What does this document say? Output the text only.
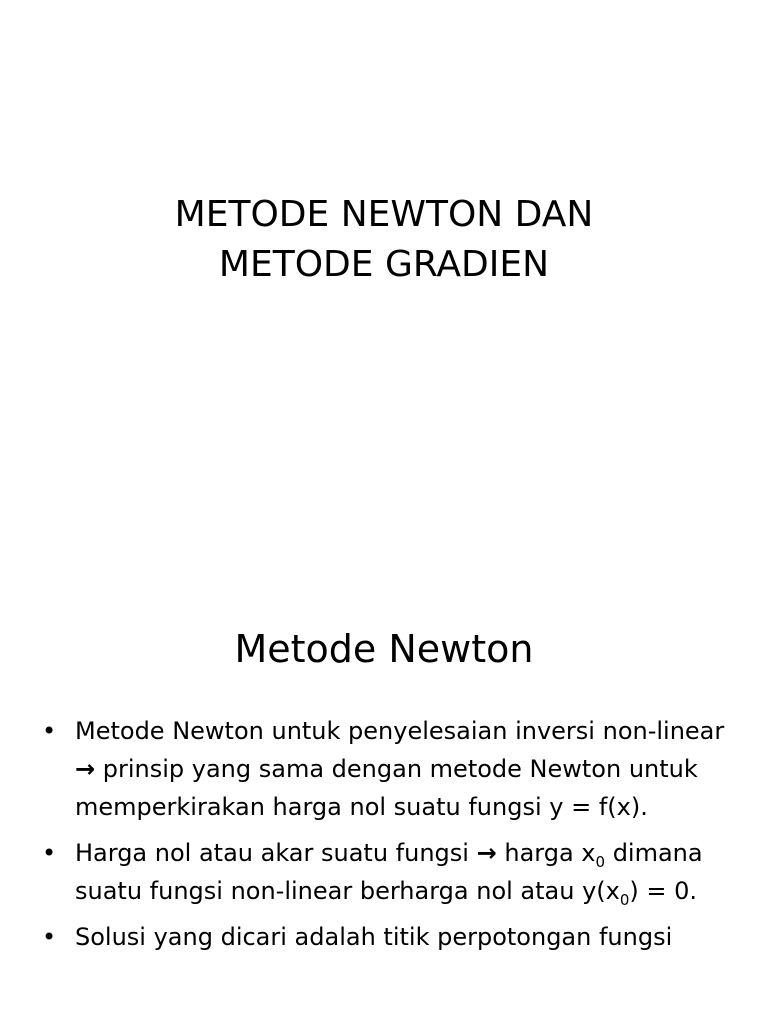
METODE NEWTON DAN
METODE GRADIEN
Metode Newton
• Metode Newton untuk penyelesaian inversi non-linear → prinsip yang sama dengan metode Newton untuk memperkirakan harga nol suatu fungsi y = f(x).
• Harga nol atau akar suatu fungsi → harga $x_0$ dimana suatu fungsi non-linear berharga nol atau $y(x_0) = 0$.
• Solusi yang dicari adalah titik perpotongan fungsi
